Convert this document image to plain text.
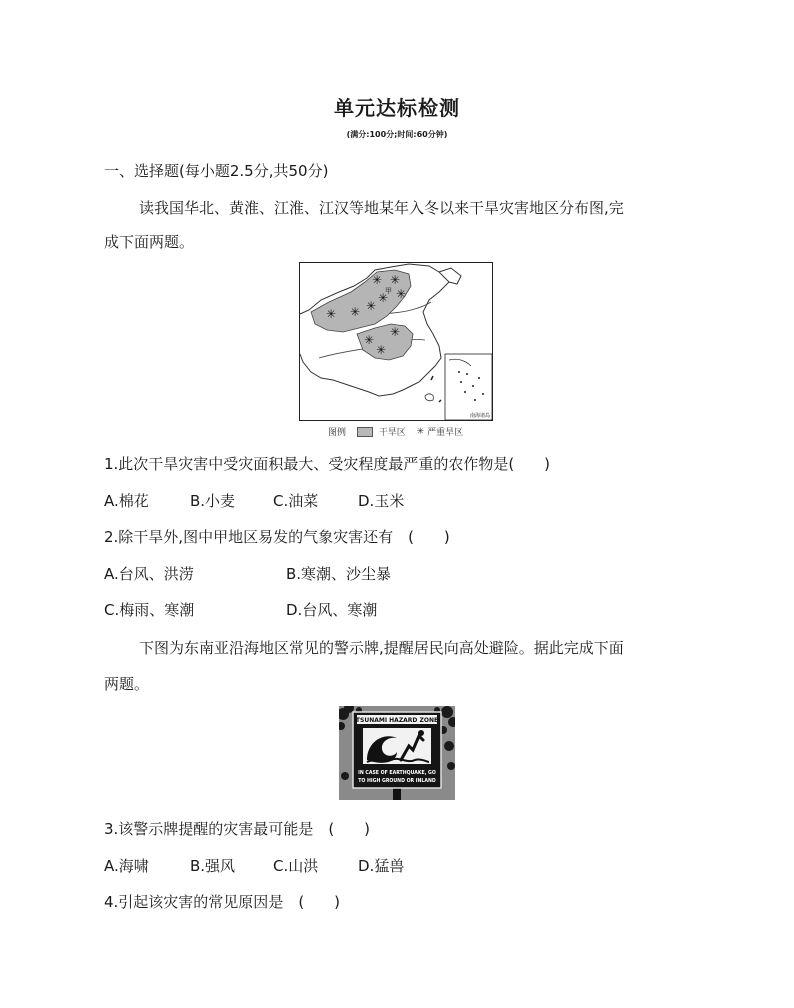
单元达标检测
(满分:100分;时间:60分钟)
一、选择题(每小题2.5分,共50分)
读我国华北、黄淮、江淮、江汉等地某年入冬以来干旱灾害地区分布图,完
成下面两题。
✳ ✳
✳
✳
✳
✳
✳
✳
✳
✳
甲
南海诸岛
图例	干旱区 ✳ 严重旱区
1.此次干旱灾害中受灾面积最大、受灾程度最严重的农作物是(　　)
A.棉花	B.小麦	C.油菜	D.玉米
2.除干旱外,图中甲地区易发的气象灾害还有　(　　)
A.台风、洪涝	B.寒潮、沙尘暴
C.梅雨、寒潮	D.台风、寒潮
下图为东南亚沿海地区常见的警示牌,提醒居民向高处避险。据此完成下面
两题。
TSUNAMI HAZARD ZONE
IN CASE OF EARTHQUAKE, GO
TO HIGH GROUND OR INLAND
3.该警示牌提醒的灾害最可能是　(　　)
A.海啸	B.强风	C.山洪	D.猛兽
4.引起该灾害的常见原因是　(　　)
